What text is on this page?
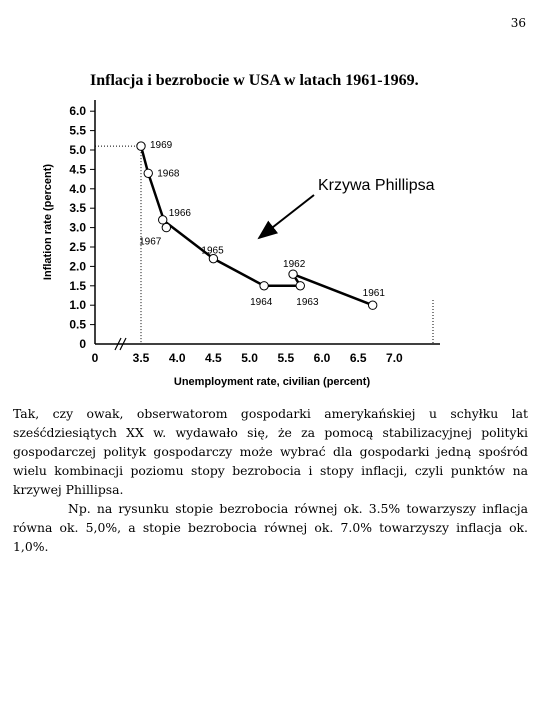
36
Inflacja i bezrobocie w USA w latach 1961-1969.
0
0.5
1.0
1.5
2.0
2.5
3.0
3.5
4.0
4.5
5.0
5.5
6.0
0	3.5 4.0 4.5 5.0 5.5 6.0 6.5 7.0
Unemployment rate, civilian (percent)
Inflation rate (percent)
1961
1962
1963
1964
1965
1966
1967
1968
1969
Krzywa Phillipsa

Tak, czy owak, obserwatorom gospodarki amerykańskiej u schyłku lat sześćdziesiątych XX w. wydawało się, że za pomocą stabilizacyjnej polityki gospodarczej polityk gospodarczy może wybrać dla gospodarki jedną spośród wielu kombinacji poziomu stopy bezrobocia i stopy inflacji, czyli punktów na krzywej Phillipsa.

Np. na rysunku stopie bezrobocia równej ok. 3.5% towarzyszy inflacja równa ok. 5,0%, a stopie bezrobocia równej ok. 7.0% towarzyszy inflacja ok. 1,0%.
